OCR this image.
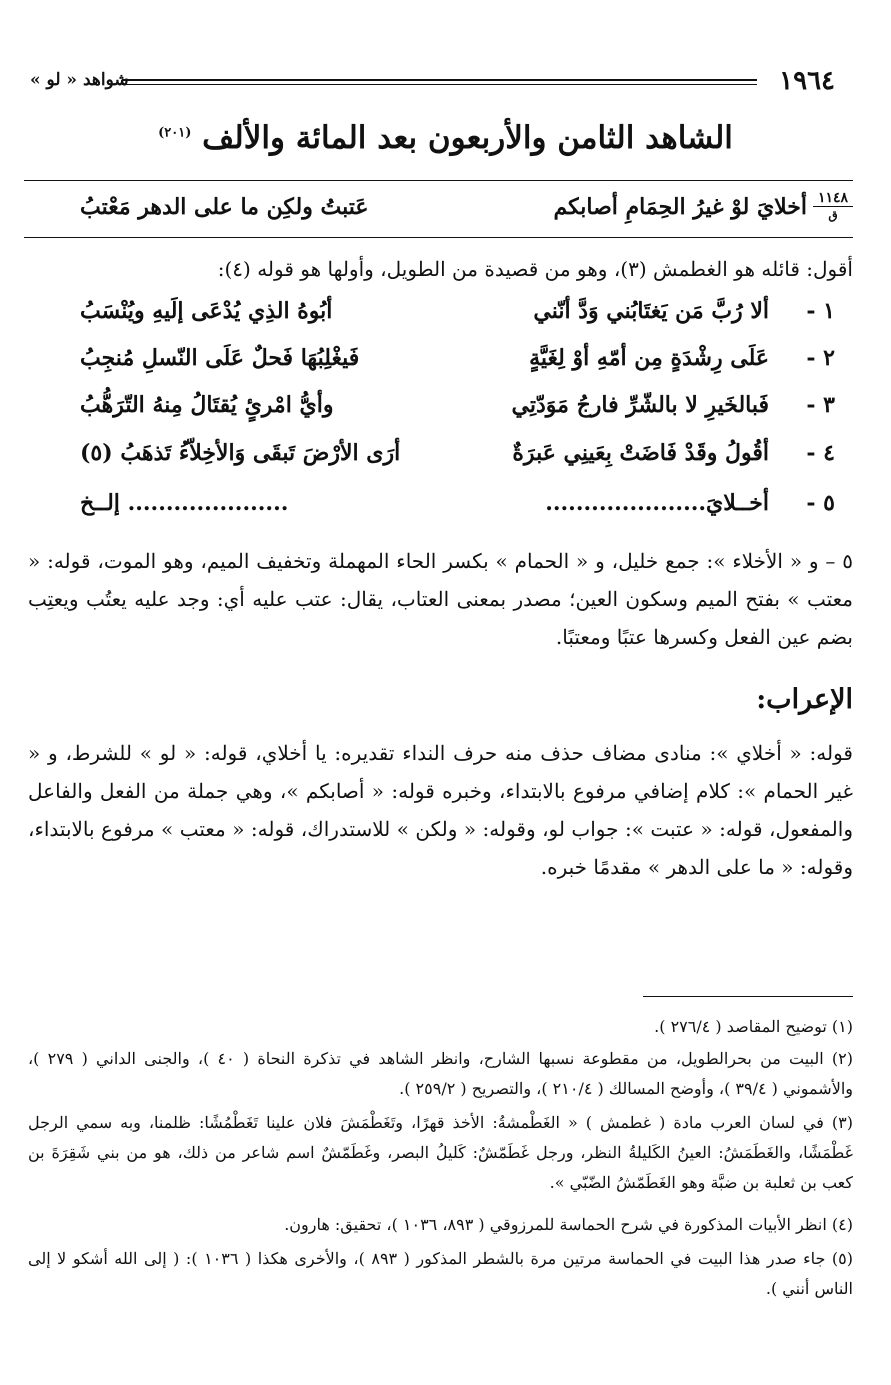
١٩٦٤
شواهد « لو »
الشاهد الثامن والأربعون بعد المائة والألف $^{(٢٠١)}$
١١٤٨
ق
أخلايَ لوْ غيرُ الحِمَامِ أصابكم
عَتبتُ ولكِن ما على الدهر مَعْتبُ
أقول: قائله هو الغطمش (٣)، وهو من قصيدة من الطويل، وأولها هو قوله (٤):
١ -
ألا رُبَّ مَن يَغتَابُني وَدَّ أنّني
أبُوهُ الذِي يُدْعَى إلَيهِ ويُنْسَبُ
٢ -
عَلَى رِشْدَةٍ مِن أمّهِ أوْ لِغَيَّةٍ
فَيغْلِبُهَا فَحلٌ عَلَى النّسلِ مُنجِبُ
٣ -
فَبالخَيرِ لا بالشّرِّ فارجُ مَوَدّتِي
وأيُّ امْرئٍ يُقتَالُ مِنهُ التّرَهُّبُ
٤ -
أقُولُ وقَدْ فَاضَتْ بِعَينِي عَبرَةٌ
أرَى الأرْضَ تَبقَى وَالأخِلاّءُ تَذهَبُ (٥)
٥ -
أخــلايَ.....................
..................... إلــخ
٥ – و « الأخلاء »: جمع خليل، و « الحمام » بكسر الحاء المهملة وتخفيف الميم، وهو الموت، قوله: « معتب » بفتح الميم وسكون العين؛ مصدر بمعنى العتاب، يقال: عتب عليه أي: وجد عليه يعتُب ويعتِب بضم عين الفعل وكسرها عتبًا ومعتبًا.
الإعراب:
قوله: « أخلاي »: منادى مضاف حذف منه حرف النداء تقديره: يا أخلاي، قوله: « لو » للشرط، و « غير الحمام »: كلام إضافي مرفوع بالابتداء، وخبره قوله: « أصابكم »، وهي جملة من الفعل والفاعل والمفعول، قوله: « عتبت »: جواب لو، وقوله: « ولكن » للاستدراك، قوله: « معتب » مرفوع بالابتداء، وقوله: « ما على الدهر » مقدمًا خبره.
(١) توضيح المقاصد ( ٢٧٦/٤ ).
(٢) البيت من بحرالطويل، من مقطوعة نسبها الشارح، وانظر الشاهد في تذكرة النحاة ( ٤٠ )، والجنى الداني ( ٢٧٩ )، والأشموني ( ٣٩/٤ )، وأوضح المسالك ( ٢١٠/٤ )، والتصريح ( ٢٥٩/٢ ).
(٣) في لسان العرب مادة ( غطمش ) « الغَطْمشةُ: الأخذ قهرًا، وتَغَطْمَشَ فلان علينا تَغَطْمُشًا: ظلمنا، وبه سمي الرجل غَطْمَشًا، والغَطَمَشُ: العينُ الكَليلةُ النظر، ورجل غَطَمّشٌ: كَليلُ البصر، وغَطَمّشٌ اسم شاعر من ذلك، هو من بني شَقِرَةَ بن كعب بن ثعلبة بن ضبَّة وهو الغَطَمّشُ الضّبّي ».
(٤) انظر الأبيات المذكورة في شرح الحماسة للمرزوقي ( ٨٩٣، ١٠٣٦ )، تحقيق: هارون.
(٥) جاء صدر هذا البيت في الحماسة مرتين مرة بالشطر المذكور ( ٨٩٣ )، والأخرى هكذا ( ١٠٣٦ ): ( إلى الله أشكو لا إلى الناس أنني ).
